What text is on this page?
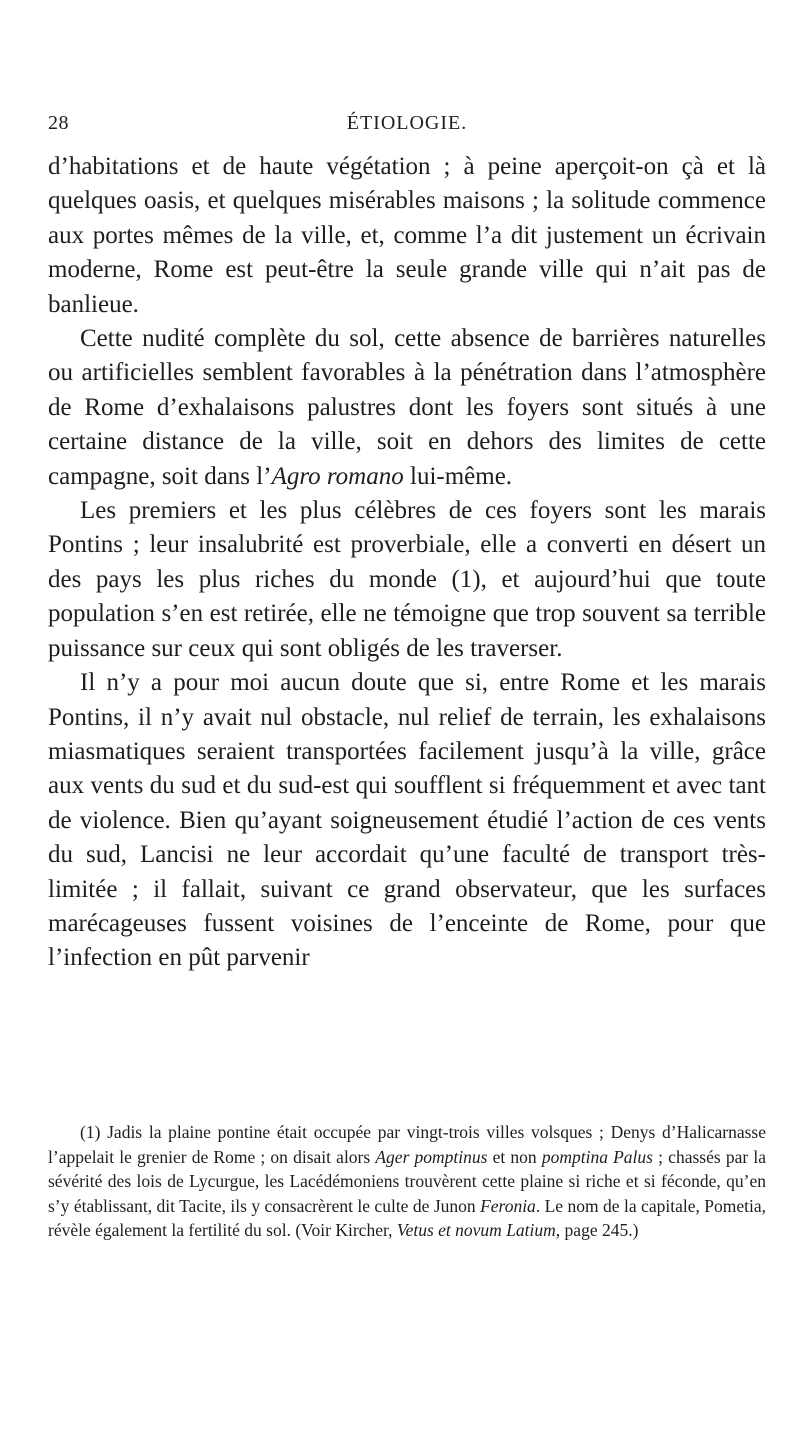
28	ÉTIOLOGIE.

d’habitations et de haute végétation ; à peine aperçoit-on çà et là quelques oasis, et quelques misérables maisons ; la solitude commence aux portes mêmes de la ville, et, comme l’a dit justement un écrivain moderne, Rome est peut-être la seule grande ville qui n’ait pas de banlieue.

Cette nudité complète du sol, cette absence de barrières naturelles ou artificielles semblent favorables à la pénétration dans l’atmosphère de Rome d’exhalaisons palustres dont les foyers sont situés à une certaine distance de la ville, soit en dehors des limites de cette campagne, soit dans l’Agro romano lui-même.

Les premiers et les plus célèbres de ces foyers sont les marais Pontins ; leur insalubrité est proverbiale, elle a converti en désert un des pays les plus riches du monde (1), et aujourd’hui que toute population s’en est retirée, elle ne témoigne que trop souvent sa terrible puissance sur ceux qui sont obligés de les traverser.

Il n’y a pour moi aucun doute que si, entre Rome et les marais Pontins, il n’y avait nul obstacle, nul relief de terrain, les exhalaisons miasmatiques seraient transportées facilement jusqu’à la ville, grâce aux vents du sud et du sud-est qui soufflent si fréquemment et avec tant de violence. Bien qu’ayant soigneusement étudié l’action de ces vents du sud, Lancisi ne leur accordait qu’une faculté de transport très-limitée ; il fallait, suivant ce grand observateur, que les surfaces marécageuses fussent voisines de l’enceinte de Rome, pour que l’infection en pût parvenir

(1) Jadis la plaine pontine était occupée par vingt-trois villes volsques ; Denys d’Halicarnasse l’appelait le grenier de Rome ; on disait alors Ager pomptinus et non pomptina Palus ; chassés par la sévérité des lois de Lycurgue, les Lacédémoniens trouvèrent cette plaine si riche et si féconde, qu’en s’y établissant, dit Tacite, ils y consacrèrent le culte de Junon Feronia. Le nom de la capitale, Pometia, révèle également la fertilité du sol. (Voir Kircher, Vetus et novum Latium, page 245.)
